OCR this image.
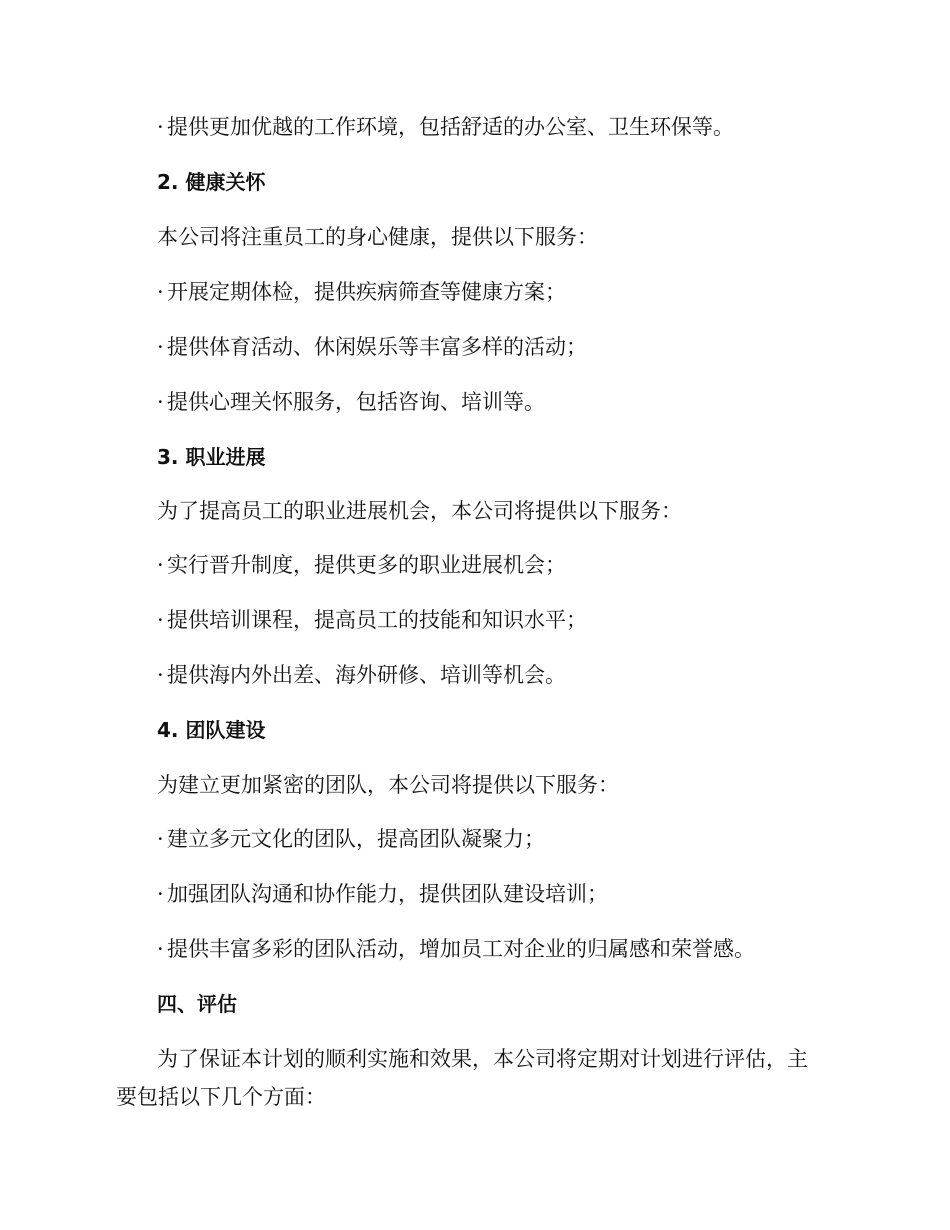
· 提供更加优越的工作环境，包括舒适的办公室、卫生环保等。
2. 健康关怀
本公司将注重员工的身心健康，提供以下服务：
· 开展定期体检，提供疾病筛查等健康方案；
· 提供体育活动、休闲娱乐等丰富多样的活动；
· 提供心理关怀服务，包括咨询、培训等。
3. 职业进展
为了提高员工的职业进展机会，本公司将提供以下服务：
· 实行晋升制度，提供更多的职业进展机会；
· 提供培训课程，提高员工的技能和知识水平；
· 提供海内外出差、海外研修、培训等机会。
4. 团队建设
为建立更加紧密的团队，本公司将提供以下服务：
· 建立多元文化的团队，提高团队凝聚力；
· 加强团队沟通和协作能力，提供团队建设培训；
· 提供丰富多彩的团队活动，增加员工对企业的归属感和荣誉感。
四、评估
为了保证本计划的顺利实施和效果，本公司将定期对计划进行评估，主
要包括以下几个方面：
